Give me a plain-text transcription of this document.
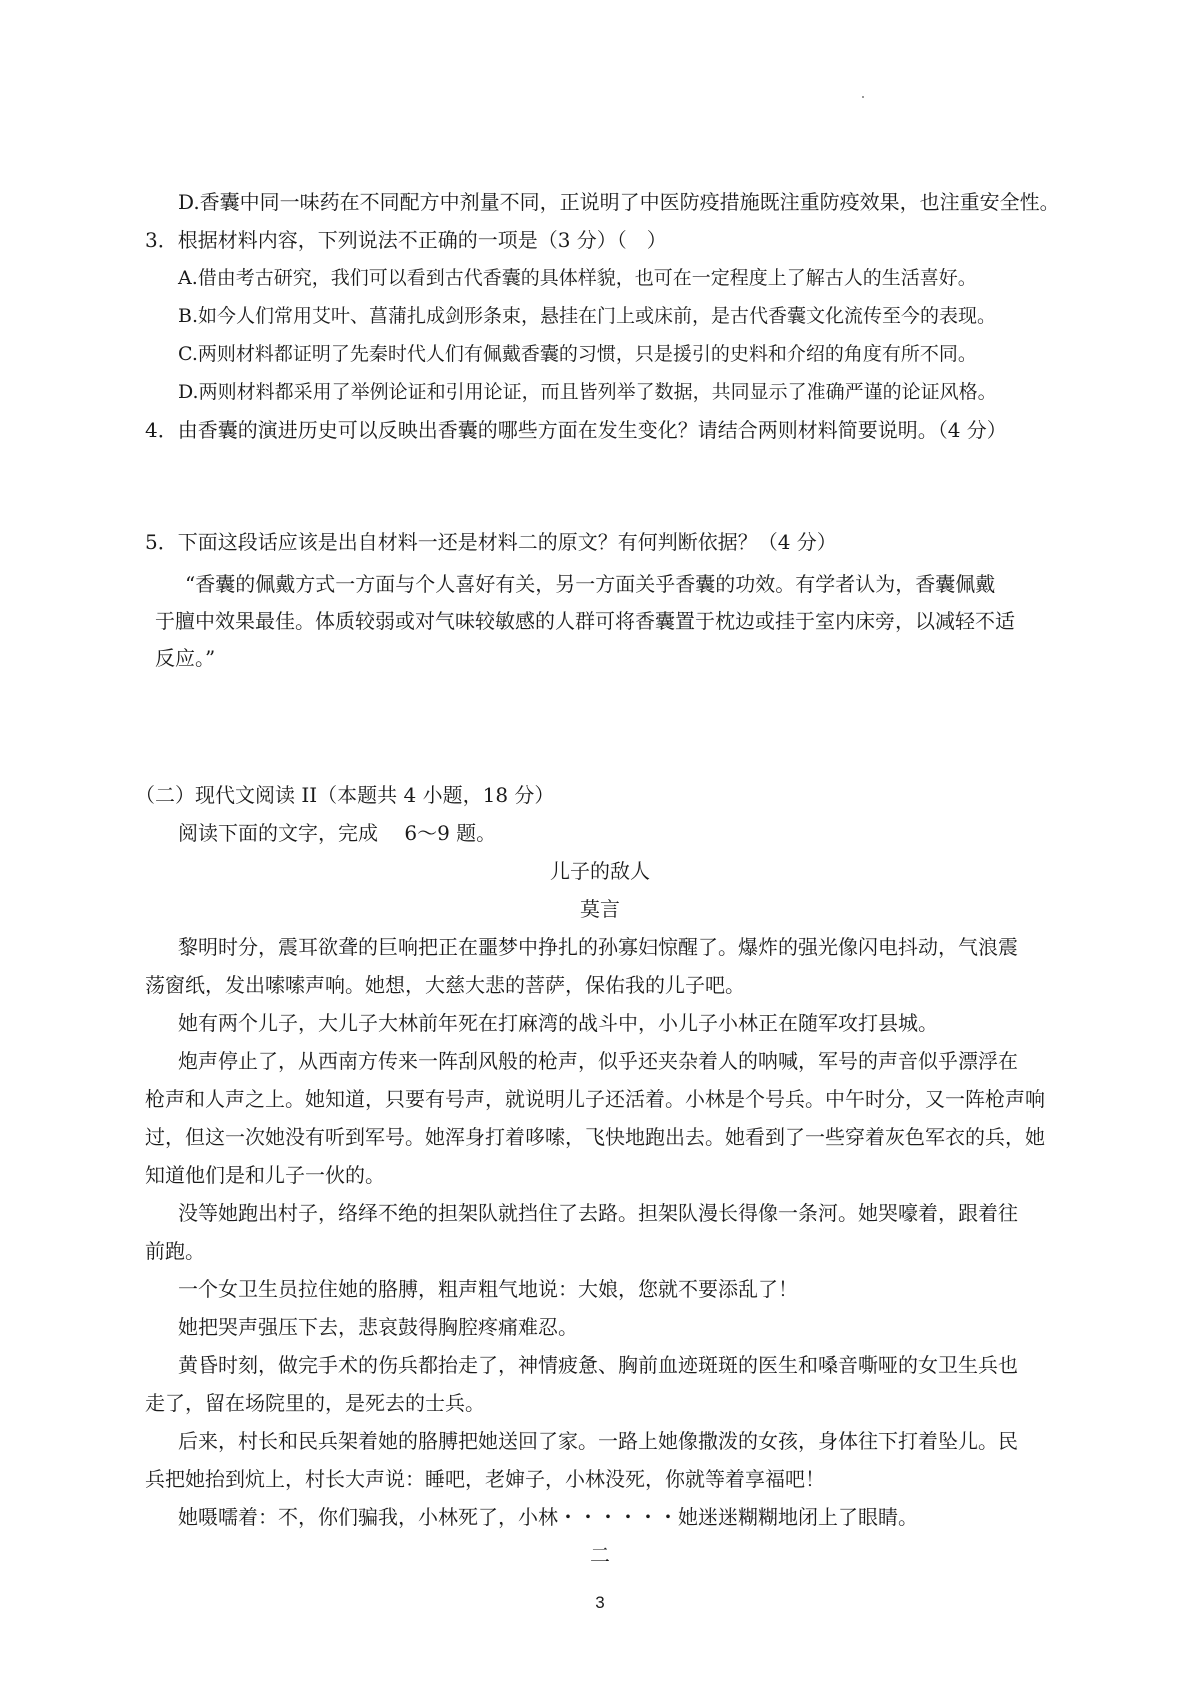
D.香囊中同一味药在不同配方中剂量不同，正说明了中医防疫措施既注重防疫效果，也注重安全性。
3．根据材料内容，下列说法不正确的一项是（3 分）（　）
A.借由考古研究，我们可以看到古代香囊的具体样貌，也可在一定程度上了解古人的生活喜好。
B.如今人们常用艾叶、菖蒲扎成剑形条束，悬挂在门上或床前，是古代香囊文化流传至今的表现。
C.两则材料都证明了先秦时代人们有佩戴香囊的习惯，只是援引的史料和介绍的角度有所不同。
D.两则材料都采用了举例论证和引用论证，而且皆列举了数据，共同显示了准确严谨的论证风格。
4．由香囊的演进历史可以反映出香囊的哪些方面在发生变化？请结合两则材料简要说明。（4 分）
5．下面这段话应该是出自材料一还是材料二的原文？有何判断依据？（4 分）
“香囊的佩戴方式一方面与个人喜好有关，另一方面关乎香囊的功效。有学者认为，香囊佩戴
于膻中效果最佳。体质较弱或对气味较敏感的人群可将香囊置于枕边或挂于室内床旁，以减轻不适
反应。”
（二）现代文阅读 II（本题共 4 小题，18 分）
阅读下面的文字，完成　 6～9 题。
儿子的敌人
莫言
黎明时分，震耳欲聋的巨响把正在噩梦中挣扎的孙寡妇惊醒了。爆炸的强光像闪电抖动，气浪震
荡窗纸，发出嗦嗦声响。她想，大慈大悲的菩萨，保佑我的儿子吧。
她有两个儿子，大儿子大林前年死在打麻湾的战斗中，小儿子小林正在随军攻打县城。
炮声停止了，从西南方传来一阵刮风般的枪声，似乎还夹杂着人的呐喊，军号的声音似乎漂浮在
枪声和人声之上。她知道，只要有号声，就说明儿子还活着。小林是个号兵。中午时分，又一阵枪声响
过，但这一次她没有听到军号。她浑身打着哆嗦，飞快地跑出去。她看到了一些穿着灰色军衣的兵，她
知道他们是和儿子一伙的。
没等她跑出村子，络绎不绝的担架队就挡住了去路。担架队漫长得像一条河。她哭嚎着，跟着往
前跑。
一个女卫生员拉住她的胳膊，粗声粗气地说：大娘，您就不要添乱了！
她把哭声强压下去，悲哀鼓得胸腔疼痛难忍。
黄昏时刻，做完手术的伤兵都抬走了，神情疲惫、胸前血迹斑斑的医生和嗓音嘶哑的女卫生兵也
走了，留在场院里的，是死去的士兵。
后来，村长和民兵架着她的胳膊把她送回了家。一路上她像撒泼的女孩，身体往下打着坠儿。民
兵把她抬到炕上，村长大声说：睡吧，老婶子，小林没死，你就等着享福吧！
她嗫嚅着：不，你们骗我，小林死了，小林・・・・・・她迷迷糊糊地闭上了眼睛。
二
3
